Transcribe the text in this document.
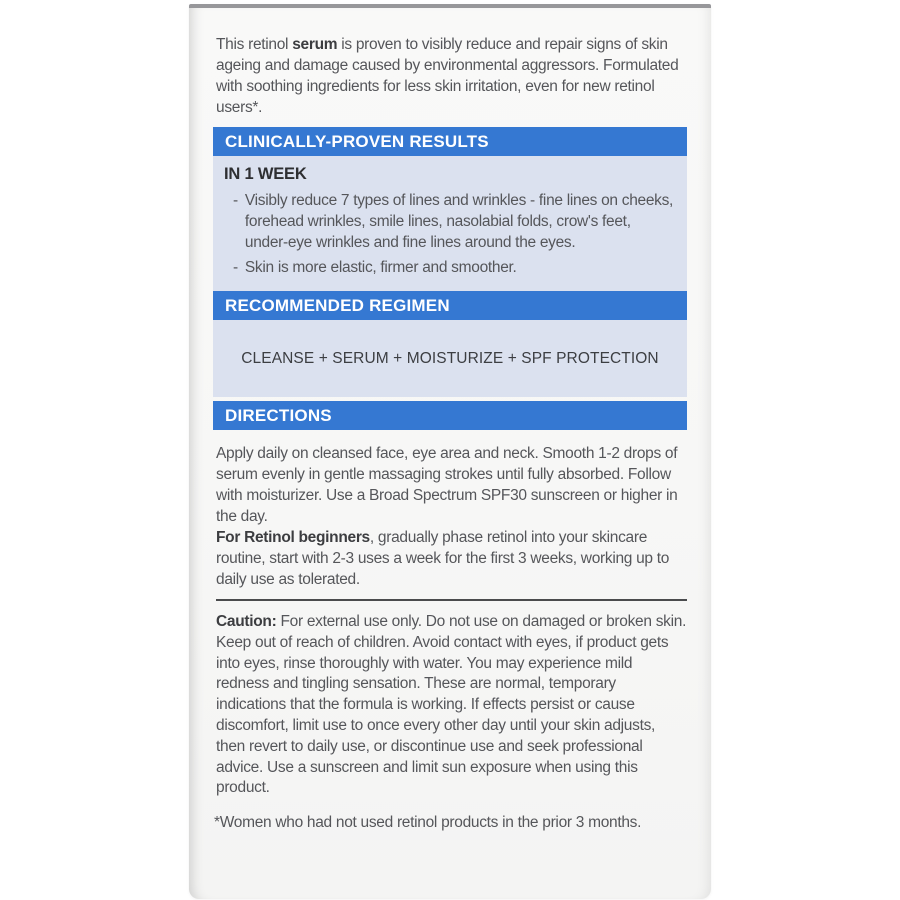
This retinol serum is proven to visibly reduce and repair signs of skin ageing and damage caused by environmental aggressors. Formulated with soothing ingredients for less skin irritation, even for new retinol users*.

CLINICALLY-PROVEN RESULTS
IN 1 WEEK
- Visibly reduce 7 types of lines and wrinkles - fine lines on cheeks, forehead wrinkles, smile lines, nasolabial folds, crow's feet, under-eye wrinkles and fine lines around the eyes.
- Skin is more elastic, firmer and smoother.
RECOMMENDED REGIMEN
CLEANSE + SERUM + MOISTURIZE + SPF PROTECTION
DIRECTIONS

Apply daily on cleansed face, eye area and neck. Smooth 1-2 drops of serum evenly in gentle massaging strokes until fully absorbed. Follow with moisturizer. Use a Broad Spectrum SPF30 sunscreen or higher in the day.

For Retinol beginners, gradually phase retinol into your skincare routine, start with 2-3 uses a week for the first 3 weeks, working up to daily use as tolerated.

Caution: For external use only. Do not use on damaged or broken skin. Keep out of reach of children. Avoid contact with eyes, if product gets into eyes, rinse thoroughly with water. You may experience mild redness and tingling sensation. These are normal, temporary indications that the formula is working. If effects persist or cause discomfort, limit use to once every other day until your skin adjusts, then revert to daily use, or discontinue use and seek professional advice. Use a sunscreen and limit sun exposure when using this product.

*Women who had not used retinol products in the prior 3 months.
